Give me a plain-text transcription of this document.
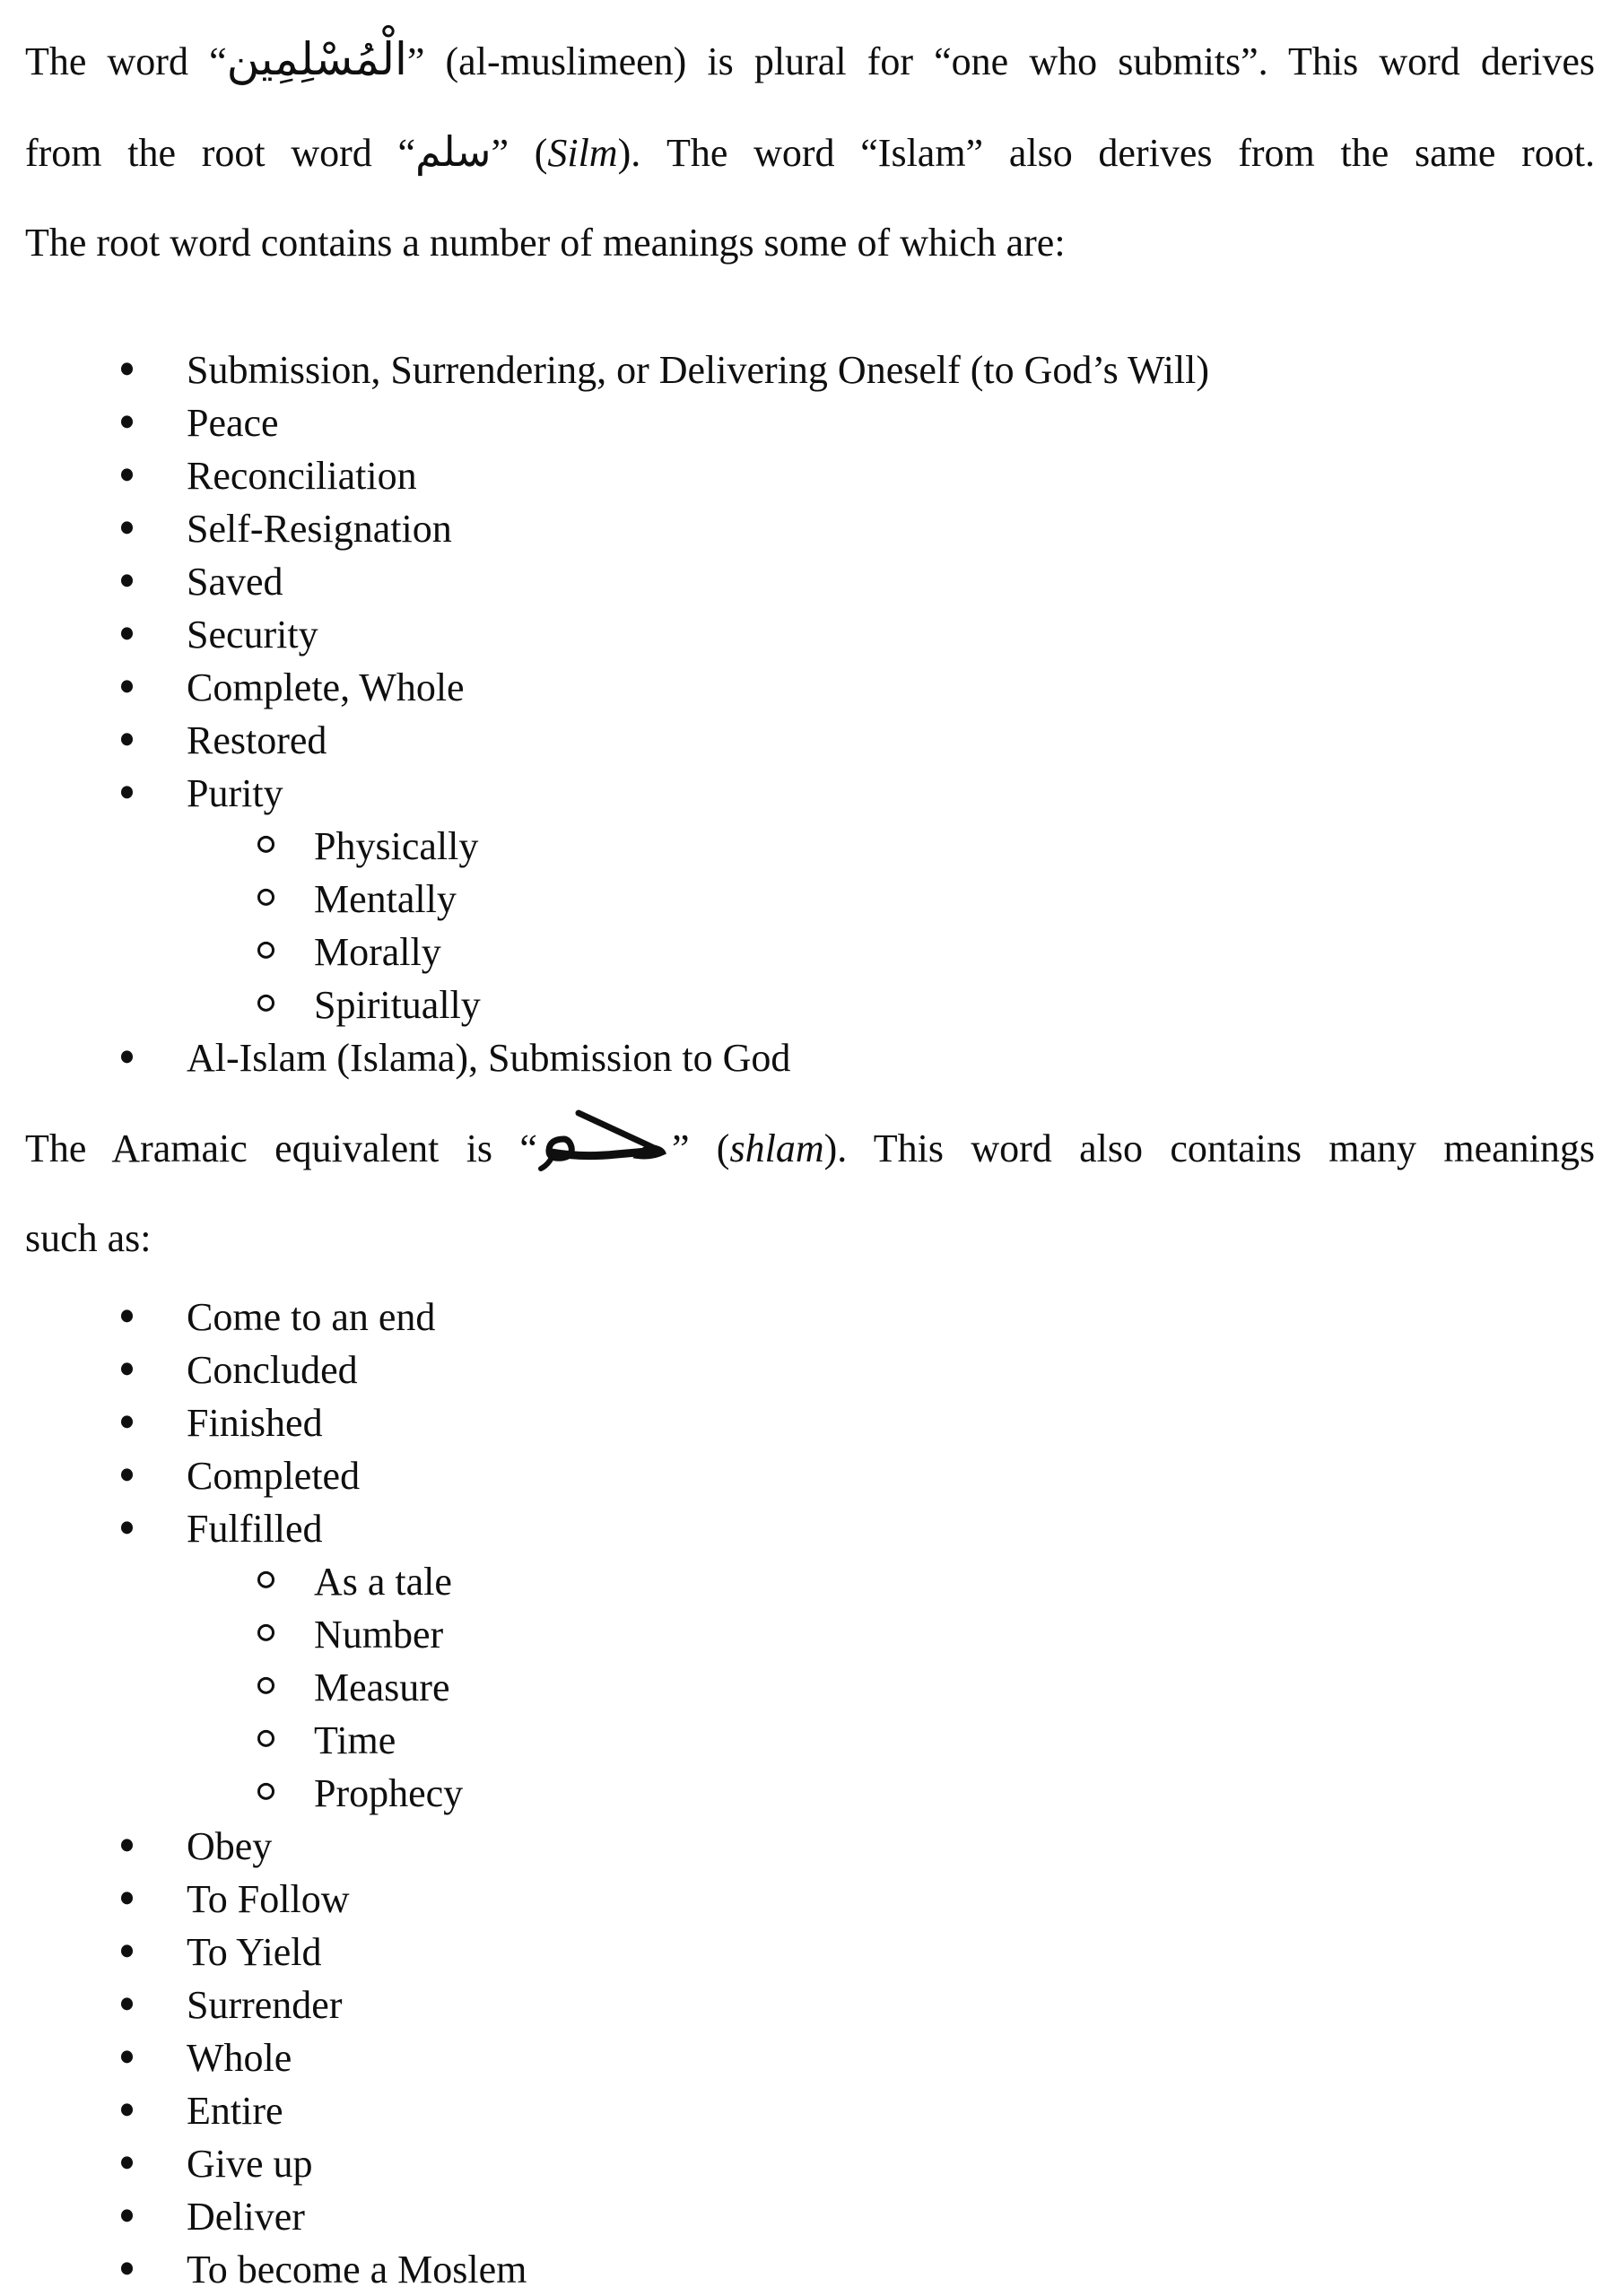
The word “الْمُسْلِمِين” (al-muslimeen) is plural for “one who submits”. This word derives
from the root word “سلم” (Silm). The word “Islam” also derives from the same root.
The root word contains a number of meanings some of which are:
Submission, Surrendering, or Delivering Oneself (to God’s Will)
Peace
Reconciliation
Self-Resignation
Saved
Security
Complete, Whole
Restored
Purity
Physically
Mentally
Morally
Spiritually
Al-Islam (Islama), Submission to God
The Aramaic equivalent is “	” (shlam). This word also contains many meanings
such as:
Come to an end
Concluded
Finished
Completed
Fulfilled
As a tale
Number
Measure
Time
Prophecy
Obey
To Follow
To Yield
Surrender
Whole
Entire
Give up
Deliver
To become a Moslem
